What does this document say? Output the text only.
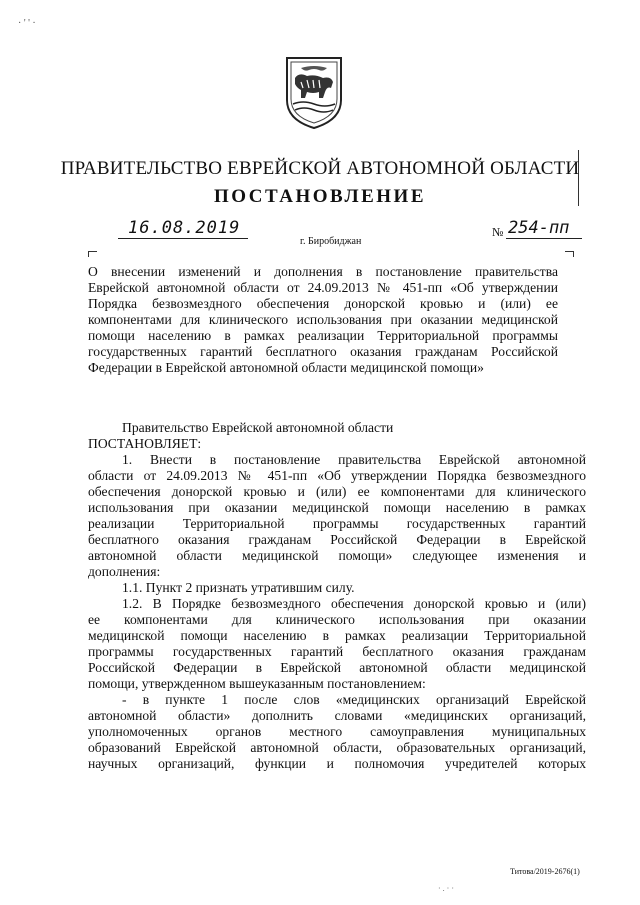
· ' ' ·
ПРАВИТЕЛЬСТВО ЕВРЕЙСКОЙ АВТОНОМНОЙ ОБЛАСТИ
ПОСТАНОВЛЕНИЕ
16.08.2019
г. Биробиджан
№ 254-пп
О внесении изменений и дополнения в постановление правительства
Еврейской автономной области от 24.09.2013 № 451-пп «Об утверждении
Порядка безвозмездного обеспечения донорской кровью и (или) ее
компонентами для клинического использования при оказании медицинской
помощи населению в рамках реализации Территориальной программы
государственных гарантий бесплатного оказания гражданам Российской
Федерации в Еврейской автономной области медицинской помощи»
Правительство Еврейской автономной области
ПОСТАНОВЛЯЕТ:
1. Внести в постановление правительства Еврейской автономной
области от 24.09.2013 № 451-пп «Об утверждении Порядка безвозмездного
обеспечения донорской кровью и (или) ее компонентами для клинического
использования при оказании медицинской помощи населению в рамках
реализации Территориальной программы государственных гарантий
бесплатного оказания гражданам Российской Федерации в Еврейской
автономной области медицинской помощи» следующее изменения и
дополнения:
1.1. Пункт 2 признать утратившим силу.
1.2. В Порядке безвозмездного обеспечения донорской кровью и (или)
ее компонентами для клинического использования при оказании
медицинской помощи населению в рамках реализации Территориальной
программы государственных гарантий бесплатного оказания гражданам
Российской Федерации в Еврейской автономной области медицинской
помощи, утвержденном вышеуказанным постановлением:
- в пункте 1 после слов «медицинских организаций Еврейской
автономной области» дополнить словами «медицинских организаций,
уполномоченных органов местного самоуправления муниципальных
образований Еврейской автономной области, образовательных организаций,
научных организаций, функции и полномочия учредителей которых
Титова/2019-2676(1)
· . · ·
